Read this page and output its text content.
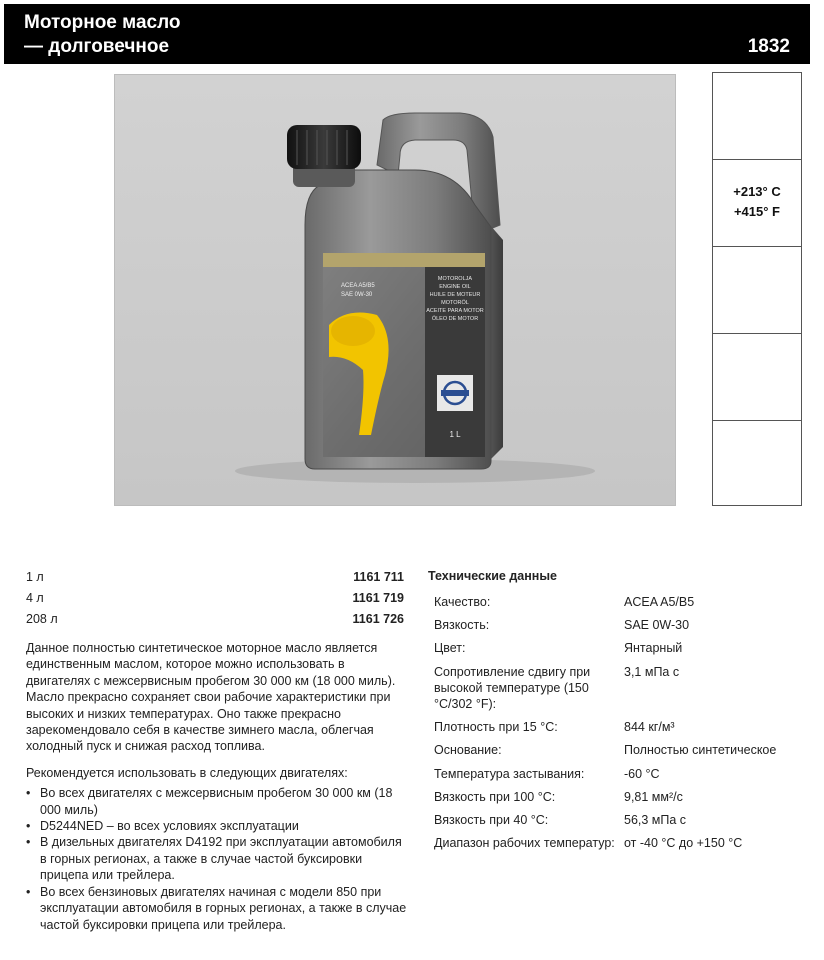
Моторное масло
— долговечное	1832
MOTOROLJA
ENGINE OIL
HUILE DE MOTEUR
MOTORÖL
ACEITE PARA MOTOR
ÓLEO DE MOTOR
ACEA A5/B5
SAE 0W-30
1 L
+213° C
+415° F
1 л	1161 711
4 л	1161 719
208 л	1161 726

Данное полностью синтетическое моторное масло является единственным маслом, которое можно использовать в двигателях с межсервисным пробегом 30 000 км (18 000 миль). Масло прекрасно сохраняет свои рабочие характеристики при высоких и низких температурах. Оно также прекрасно зарекомендовало себя в качестве зимнего масла, облегчая холодный пуск и снижая расход топлива.

Рекомендуется использовать в следующих двигателях:

• Во всех двигателях с межсервисным пробегом 30 000 км (18 000 миль)
• D5244NED – во всех условиях эксплуатации
• В дизельных двигателях D4192 при эксплуатации автомобиля в горных регионах, а также в случае частой буксировки прицепа или трейлера.
• Во всех бензиновых двигателях начиная с модели 850 при эксплуатации автомобиля в горных регионах, а также в случае частой буксировки прицепа или трейлера.
Технические данные
Качество:	ACEA A5/B5
Вязкость:	SAE 0W-30
Цвет:	Янтарный
Сопротивление сдвигу при высокой температуре (150 °C/302 °F):
3,1 мПа с
Плотность при 15 °C:	844 кг/м³
Основание:	Полностью синтетическое
Температура застывания:	-60 °C
Вязкость при 100 °C:	9,81 мм²/с
Вязкость при 40 °C:	56,3 мПа с
Диапазон рабочих температур: от -40 °C до +150 °C
